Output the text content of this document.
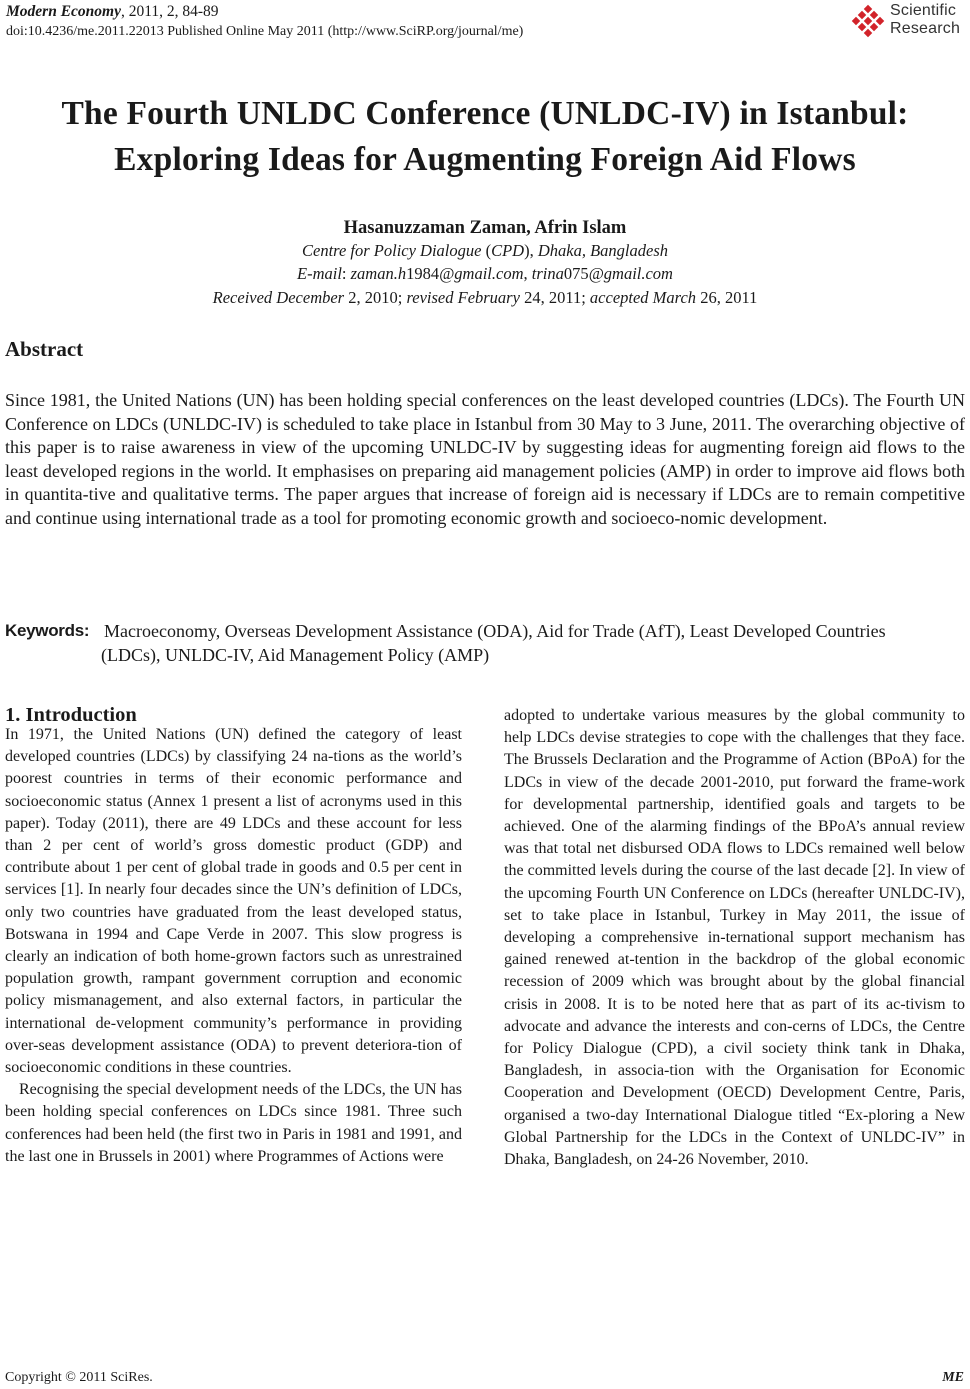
Modern Economy, 2011, 2, 84-89
doi:10.4236/me.2011.22013 Published Online May 2011 (http://www.SciRP.org/journal/me)
Scientific
Research
The Fourth UNLDC Conference (UNLDC-IV) in Istanbul:
Exploring Ideas for Augmenting Foreign Aid Flows
Hasanuzzaman Zaman, Afrin Islam
Centre for Policy Dialogue (CPD), Dhaka, Bangladesh
E-mail: zaman.h1984@gmail.com, trina075@gmail.com
Received December 2, 2010; revised February 24, 2011; accepted March 26, 2011
Abstract
Since 1981, the United Nations (UN) has been holding special conferences on the least developed countries (LDCs). The Fourth UN Conference on LDCs (UNLDC-IV) is scheduled to take place in Istanbul from 30 May to 3 June, 2011. The overarching objective of this paper is to raise awareness in view of the upcoming UNLDC-IV by suggesting ideas for augmenting foreign aid flows to the least developed regions in the world. It emphasises on preparing aid management policies (AMP) in order to improve aid flows both in quantita-tive and qualitative terms. The paper argues that increase of foreign aid is necessary if LDCs are to remain competitive and continue using international trade as a tool for promoting economic growth and socioeco-nomic development.
Keywords: Macroeconomy, Overseas Development Assistance (ODA), Aid for Trade (AfT), Least Developed Countries (LDCs), UNLDC-IV, Aid Management Policy (AMP)
1. Introduction

In 1971, the United Nations (UN) defined the category of least developed countries (LDCs) by classifying 24 na-tions as the world’s poorest countries in terms of their economic performance and socioeconomic status (Annex 1 present a list of acronyms used in this paper). Today (2011), there are 49 LDCs and these account for less than 2 per cent of world’s gross domestic product (GDP) and contribute about 1 per cent of global trade in goods and 0.5 per cent in services [1]. In nearly four decades since the UN’s definition of LDCs, only two countries have graduated from the least developed status, Botswana in 1994 and Cape Verde in 2007. This slow progress is clearly an indication of both home-grown factors such as unrestrained population growth, rampant government corruption and economic policy mismanagement, and also external factors, in particular the international de-velopment community’s performance in providing over-seas development assistance (ODA) to prevent deteriora-tion of socioeconomic conditions in these countries.

Recognising the special development needs of the LDCs, the UN has been holding special conferences on LDCs since 1981. Three such conferences had been held (the first two in Paris in 1981 and 1991, and the last one in Brussels in 2001) where Programmes of Actions were

adopted to undertake various measures by the global community to help LDCs devise strategies to cope with the challenges that they face. The Brussels Declaration and the Programme of Action (BPoA) for the LDCs in view of the decade 2001-2010, put forward the frame-work for developmental partnership, identified goals and targets to be achieved. One of the alarming findings of the BPoA’s annual review was that total net disbursed ODA flows to LDCs remained well below the committed levels during the course of the last decade [2]. In view of the upcoming Fourth UN Conference on LDCs (hereafter UNLDC-IV), set to take place in Istanbul, Turkey in May 2011, the issue of developing a comprehensive in-ternational support mechanism has gained renewed at-tention in the backdrop of the global economic recession of 2009 which was brought about by the global financial crisis in 2008. It is to be noted here that as part of its ac-tivism to advocate and advance the interests and con-cerns of LDCs, the Centre for Policy Dialogue (CPD), a civil society think tank in Dhaka, Bangladesh, in associa-tion with the Organisation for Economic Cooperation and Development (OECD) Development Centre, Paris, organised a two-day International Dialogue titled “Ex-ploring a New Global Partnership for the LDCs in the Context of UNLDC-IV” in Dhaka, Bangladesh, on 24-26 November, 2010.

Copyright © 2011 SciRes.	ME
